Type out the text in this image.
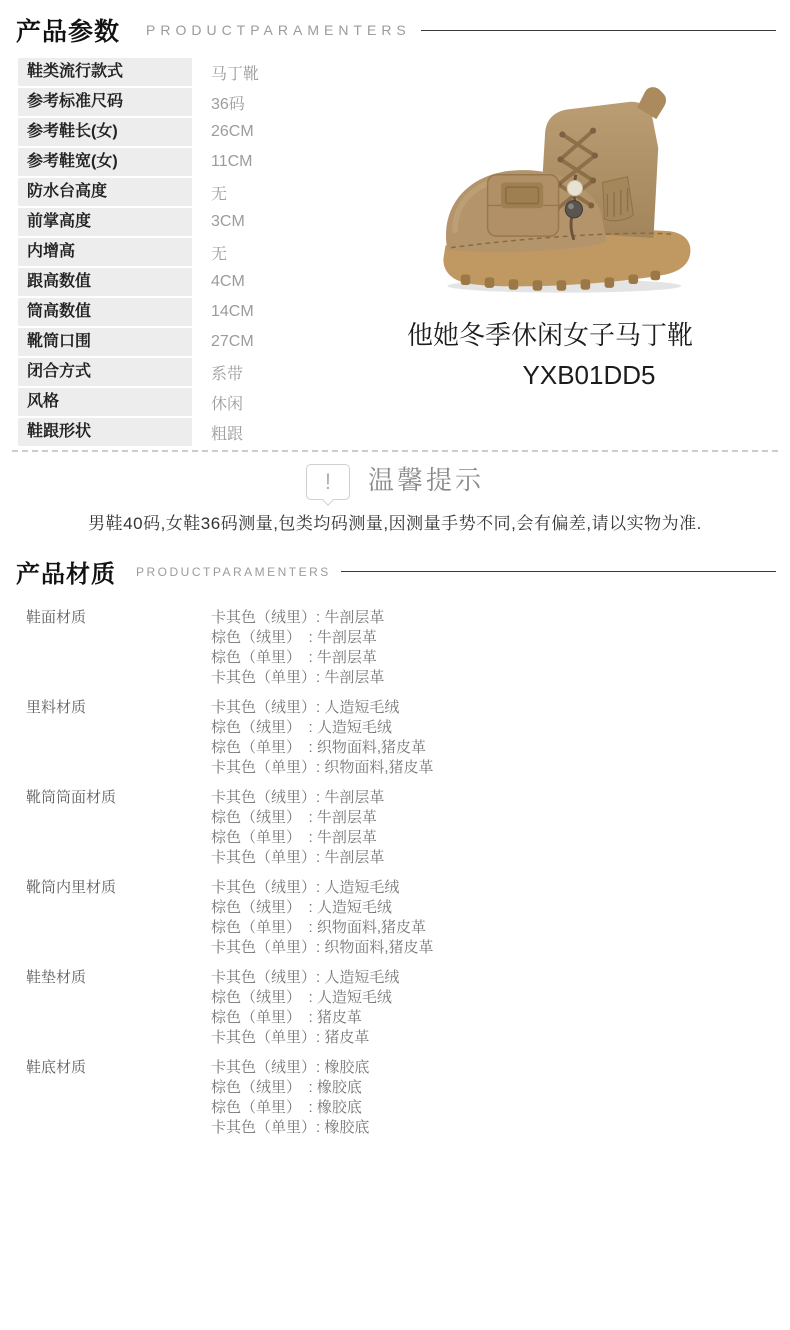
产品参数 PRODUCTPARAMENTERS
鞋类流行款式	马丁靴
参考标准尺码	36码
参考鞋长(女)	26CM
参考鞋宽(女)	11CM
防水台高度	无
前掌高度	3CM
内增高	无
跟高数值	4CM
筒高数值	14CM
靴筒口围	27CM
闭合方式	系带
风格	休闲
鞋跟形状	粗跟
他她冬季休闲女子马丁靴
YXB01DD5
! 温馨提示
男鞋40码,女鞋36码测量,包类均码测量,因测量手势不同,会有偏差,请以实物为准.
产品材质 PRODUCTPARAMENTERS
鞋面材质	卡其色（绒里）: 牛剖层革
棕色（绒里）　: 牛剖层革
棕色（单里）　: 牛剖层革
卡其色（单里）: 牛剖层革
里料材质	卡其色（绒里）: 人造短毛绒
棕色（绒里）　: 人造短毛绒
棕色（单里）　: 织物面料,猪皮革
卡其色（单里）: 织物面料,猪皮革
靴筒筒面材质	卡其色（绒里）: 牛剖层革
棕色（绒里）　: 牛剖层革
棕色（单里）　: 牛剖层革
卡其色（单里）: 牛剖层革
靴筒内里材质	卡其色（绒里）: 人造短毛绒
棕色（绒里）　: 人造短毛绒
棕色（单里）　: 织物面料,猪皮革
卡其色（单里）: 织物面料,猪皮革
鞋垫材质	卡其色（绒里）: 人造短毛绒
棕色（绒里）　: 人造短毛绒
棕色（单里）　: 猪皮革
卡其色（单里）: 猪皮革
鞋底材质	卡其色（绒里）: 橡胶底
棕色（绒里）　: 橡胶底
棕色（单里）　: 橡胶底
卡其色（单里）: 橡胶底
